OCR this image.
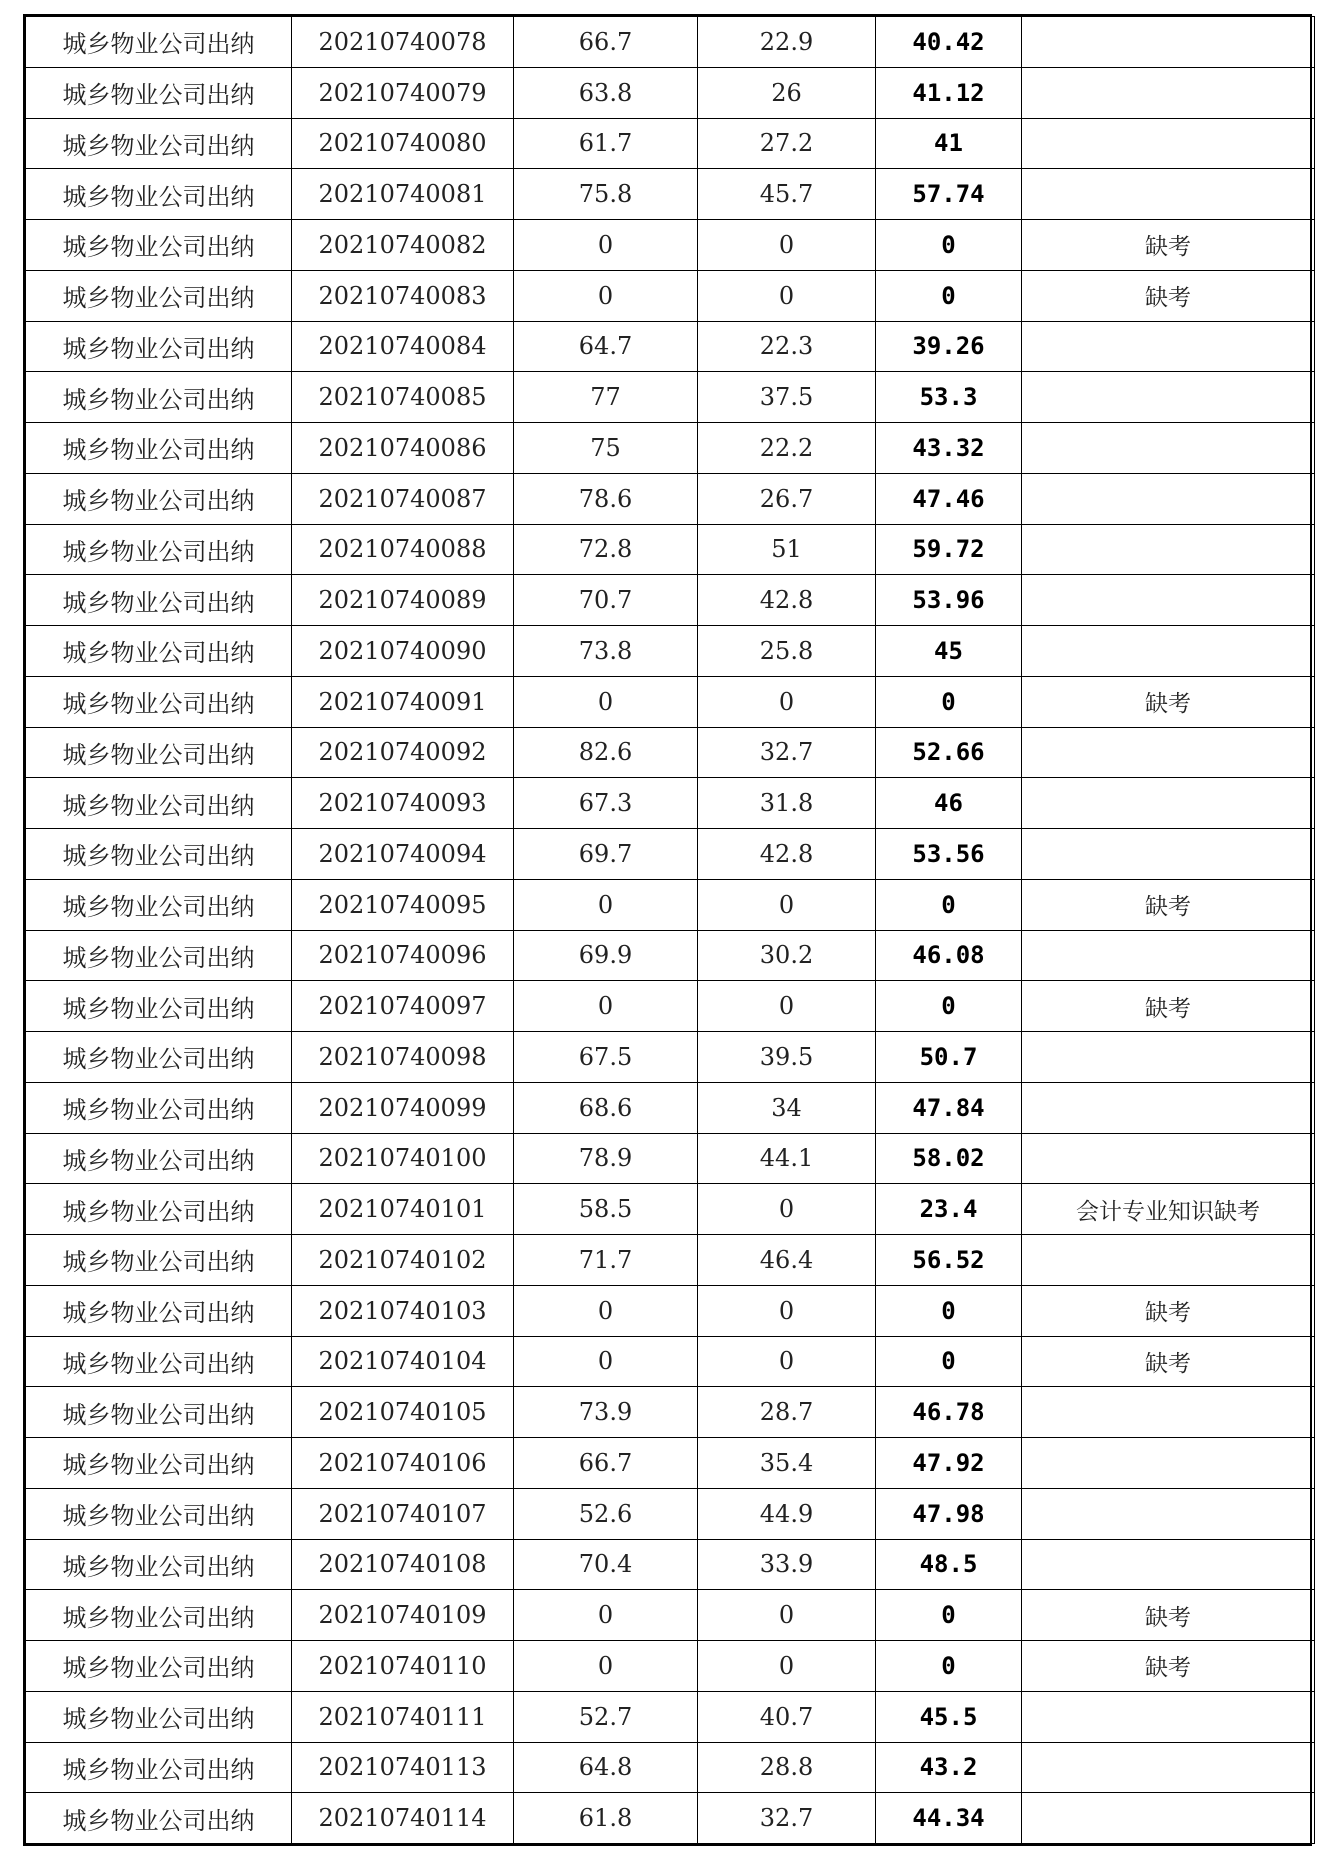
城乡物业公司出纳	20210740078	66.7	22.9	40.42	
城乡物业公司出纳	20210740079	63.8	26	41.12	
城乡物业公司出纳	20210740080	61.7	27.2	41	
城乡物业公司出纳	20210740081	75.8	45.7	57.74	
城乡物业公司出纳	20210740082	0	0	0	缺考
城乡物业公司出纳	20210740083	0	0	0	缺考
城乡物业公司出纳	20210740084	64.7	22.3	39.26	
城乡物业公司出纳	20210740085	77	37.5	53.3	
城乡物业公司出纳	20210740086	75	22.2	43.32	
城乡物业公司出纳	20210740087	78.6	26.7	47.46	
城乡物业公司出纳	20210740088	72.8	51	59.72	
城乡物业公司出纳	20210740089	70.7	42.8	53.96	
城乡物业公司出纳	20210740090	73.8	25.8	45	
城乡物业公司出纳	20210740091	0	0	0	缺考
城乡物业公司出纳	20210740092	82.6	32.7	52.66	
城乡物业公司出纳	20210740093	67.3	31.8	46	
城乡物业公司出纳	20210740094	69.7	42.8	53.56	
城乡物业公司出纳	20210740095	0	0	0	缺考
城乡物业公司出纳	20210740096	69.9	30.2	46.08	
城乡物业公司出纳	20210740097	0	0	0	缺考
城乡物业公司出纳	20210740098	67.5	39.5	50.7	
城乡物业公司出纳	20210740099	68.6	34	47.84	
城乡物业公司出纳	20210740100	78.9	44.1	58.02	
城乡物业公司出纳	20210740101	58.5	0	23.4	会计专业知识缺考
城乡物业公司出纳	20210740102	71.7	46.4	56.52	
城乡物业公司出纳	20210740103	0	0	0	缺考
城乡物业公司出纳	20210740104	0	0	0	缺考
城乡物业公司出纳	20210740105	73.9	28.7	46.78	
城乡物业公司出纳	20210740106	66.7	35.4	47.92	
城乡物业公司出纳	20210740107	52.6	44.9	47.98	
城乡物业公司出纳	20210740108	70.4	33.9	48.5	
城乡物业公司出纳	20210740109	0	0	0	缺考
城乡物业公司出纳	20210740110	0	0	0	缺考
城乡物业公司出纳	20210740111	52.7	40.7	45.5	
城乡物业公司出纳	20210740113	64.8	28.8	43.2	
城乡物业公司出纳	20210740114	61.8	32.7	44.34	
